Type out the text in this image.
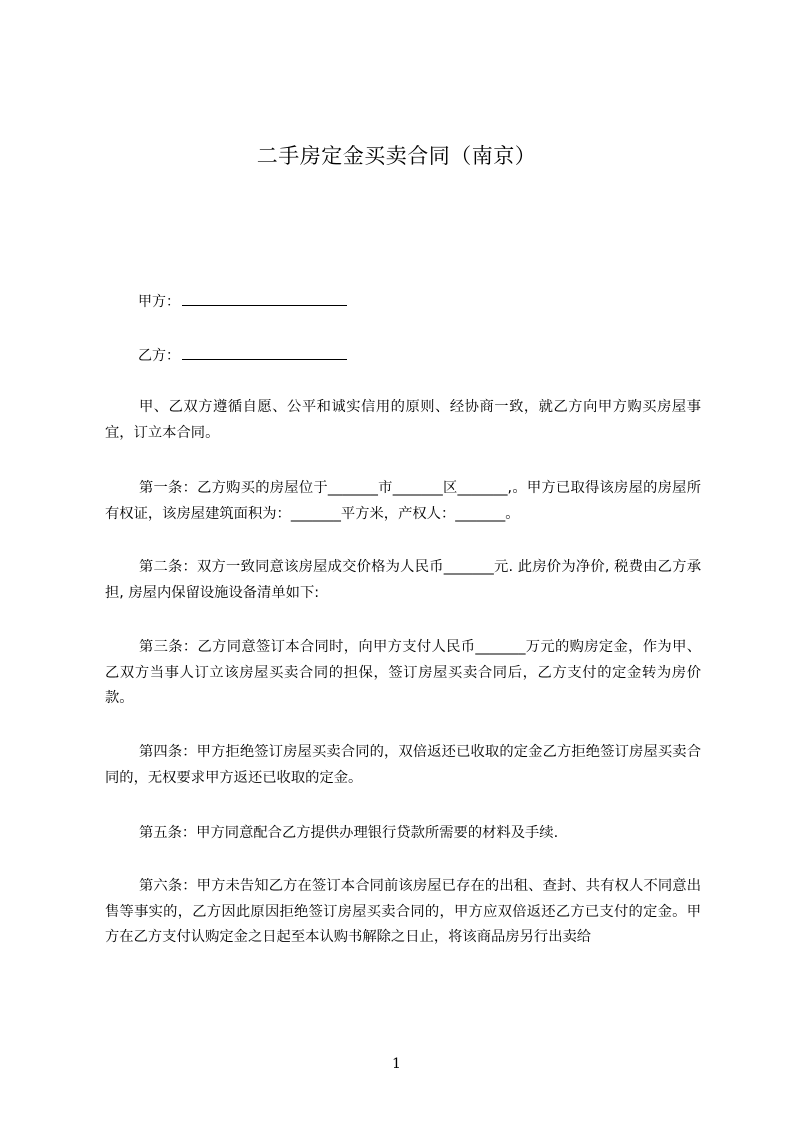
二手房定金买卖合同（南京）
甲方：
乙方：

甲、乙双方遵循自愿、公平和诚实信用的原则、经协商一致，就乙方向甲方购买房屋事宜，订立本合同。

第一条：乙方购买的房屋位于_______市_______区_______,。甲方已取得该房屋的房屋所有权证，该房屋建筑面积为：_______平方米，产权人：_______。

第二条：双方一致同意该房屋成交价格为人民币_______元. 此房价为净价, 税费由乙方承担, 房屋内保留设施设备清单如下:

第三条：乙方同意签订本合同时，向甲方支付人民币_______万元的购房定金，作为甲、乙双方当事人订立该房屋买卖合同的担保，签订房屋买卖合同后，乙方支付的定金转为房价款。

第四条：甲方拒绝签订房屋买卖合同的，双倍返还已收取的定金乙方拒绝签订房屋买卖合同的，无权要求甲方返还已收取的定金。

第五条：甲方同意配合乙方提供办理银行贷款所需要的材料及手续.

第六条：甲方未告知乙方在签订本合同前该房屋已存在的出租、查封、共有权人不同意出售等事实的，乙方因此原因拒绝签订房屋买卖合同的，甲方应双倍返还乙方已支付的定金。甲方在乙方支付认购定金之日起至本认购书解除之日止，将该商品房另行出卖给

1
